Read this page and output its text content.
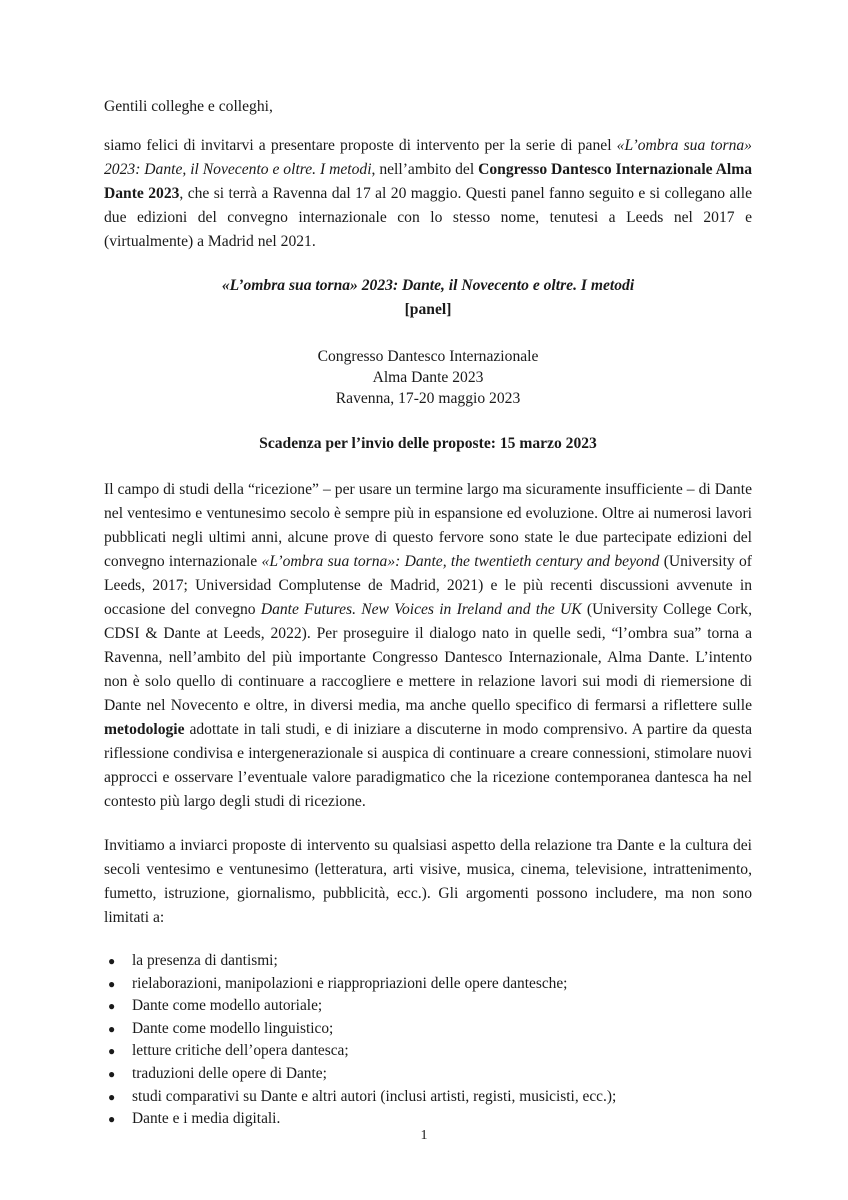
Gentili colleghe e colleghi,

siamo felici di invitarvi a presentare proposte di intervento per la serie di panel «L’ombra sua torna» 2023: Dante, il Novecento e oltre. I metodi, nell’ambito del Congresso Dantesco Internazionale Alma Dante 2023, che si terrà a Ravenna dal 17 al 20 maggio. Questi panel fanno seguito e si collegano alle due edizioni del convegno internazionale con lo stesso nome, tenutesi a Leeds nel 2017 e (virtualmente) a Madrid nel 2021.

«L’ombra sua torna» 2023: Dante, il Novecento e oltre. I metodi

[panel]

Congresso Dantesco Internazionale
Alma Dante 2023
Ravenna, 17-20 maggio 2023

Scadenza per l’invio delle proposte: 15 marzo 2023

Il campo di studi della “ricezione” – per usare un termine largo ma sicuramente insufficiente – di Dante nel ventesimo e ventunesimo secolo è sempre più in espansione ed evoluzione. Oltre ai numerosi lavori pubblicati negli ultimi anni, alcune prove di questo fervore sono state le due partecipate edizioni del convegno internazionale «L’ombra sua torna»: Dante, the twentieth century and beyond (University of Leeds, 2017; Universidad Complutense de Madrid, 2021) e le più recenti discussioni avvenute in occasione del convegno Dante Futures. New Voices in Ireland and the UK (University College Cork, CDSI & Dante at Leeds, 2022). Per proseguire il dialogo nato in quelle sedi, “l’ombra sua” torna a Ravenna, nell’ambito del più importante Congresso Dantesco Internazionale, Alma Dante. L’intento non è solo quello di continuare a raccogliere e mettere in relazione lavori sui modi di riemersione di Dante nel Novecento e oltre, in diversi media, ma anche quello specifico di fermarsi a riflettere sulle metodologie adottate in tali studi, e di iniziare a discuterne in modo comprensivo. A partire da questa riflessione condivisa e intergenerazionale si auspica di continuare a creare connessioni, stimolare nuovi approcci e osservare l’eventuale valore paradigmatico che la ricezione contemporanea dantesca ha nel contesto più largo degli studi di ricezione.

Invitiamo a inviarci proposte di intervento su qualsiasi aspetto della relazione tra Dante e la cultura dei secoli ventesimo e ventunesimo (letteratura, arti visive, musica, cinema, televisione, intrattenimento, fumetto, istruzione, giornalismo, pubblicità, ecc.). Gli argomenti possono includere, ma non sono limitati a:

● la presenza di dantismi;
● rielaborazioni, manipolazioni e riappropriazioni delle opere dantesche;
● Dante come modello autoriale;
● Dante come modello linguistico;
● letture critiche dell’opera dantesca;
● traduzioni delle opere di Dante;
● studi comparativi su Dante e altri autori (inclusi artisti, registi, musicisti, ecc.);
● Dante e i media digitali.
1
